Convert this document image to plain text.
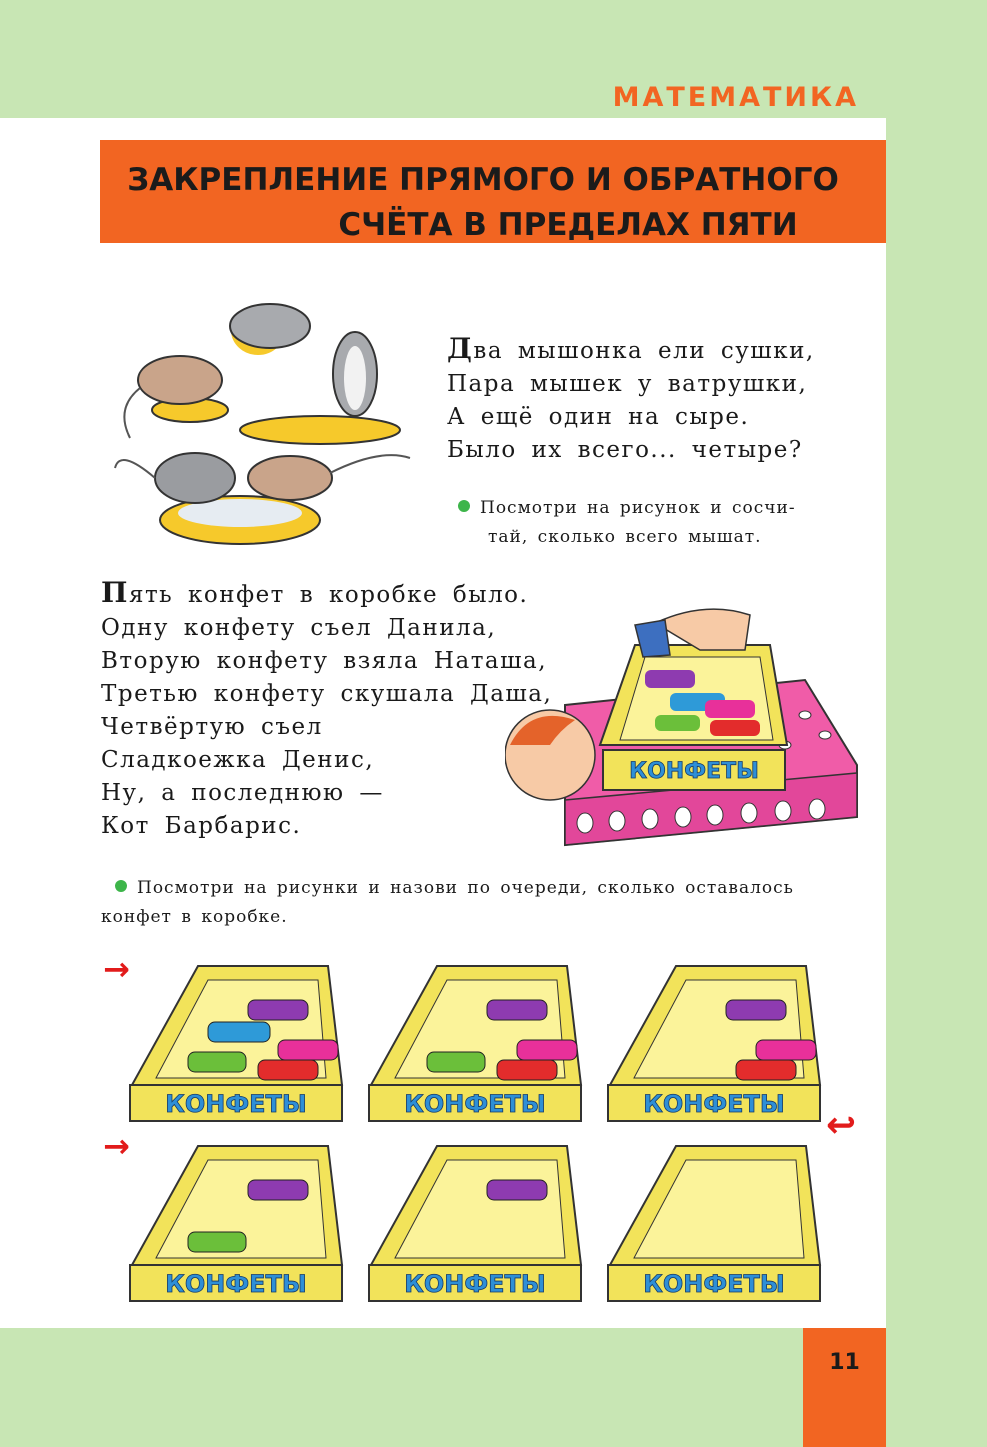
МАТЕМАТИКА
ЗАКРЕПЛЕНИЕ ПРЯМОГО И ОБРАТНОГО
СЧЁТА В ПРЕДЕЛАХ ПЯТИ
Два мышонка ели сушки,
Пара мышек у ватрушки,
А ещё один на сыре.
Было их всего... четыре?
Посмотри на рисунок и сосчи-
тай, сколько всего мышат.
Пять конфет в коробке было.
Одну конфету съел Данила,
Вторую конфету взяла Наташа,
Третью конфету скушала Даша,
Четвёртую съел
Сладкоежка Денис,
Ну, а последнюю —
Кот Барбарис.
КОНФЕТЫ
Посмотри на рисунки и назови по очереди, сколько оставалось
конфет в коробке.
→
→	↩
КОНФЕТЫ	КОНФЕТЫ	КОНФЕТЫ
КОНФЕТЫ	КОНФЕТЫ	КОНФЕТЫ
11
